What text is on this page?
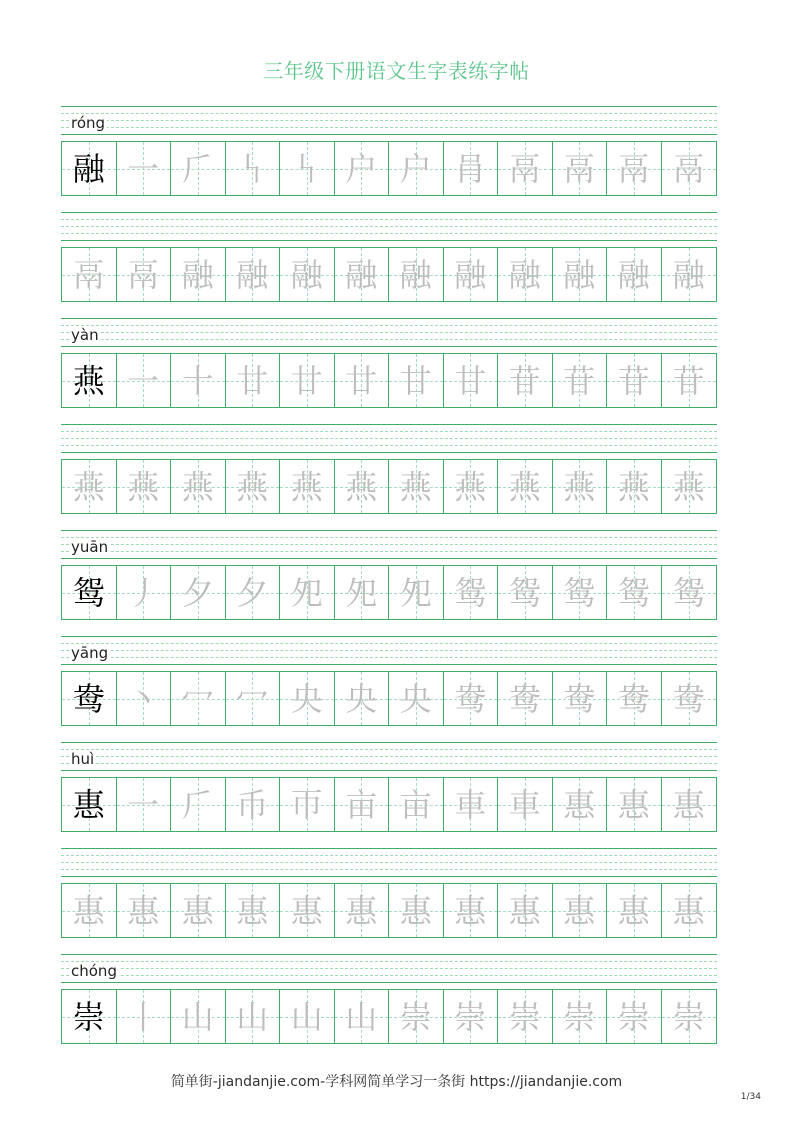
三年级下册语文生字表练字帖
róng
融 一 𠂆 𠃑 𠃑 户 户 肙 鬲 鬲 鬲 鬲
鬲 鬲 融 融 融 融 融 融 融 融 融 融
yàn
燕 一 十 廿 廿 廿 甘 甘 苷 苷 苷 苷
燕 燕 燕 燕 燕 燕 燕 燕 燕 燕 燕 燕
yuān
鸳 丿 夕 夕 夗 夗 夗 鸳 鸳 鸳 鸳 鸳
yāng
鸯 丶 冖 冖 央 央 央 鸯 鸯 鸯 鸯 鸯
huì
惠 一 𠂆 币 帀 亩 亩 車 車 惠 惠 惠
惠 惠 惠 惠 惠 惠 惠 惠 惠 惠 惠 惠
chóng
崇 丨 山 山 山 山 崇 崇 崇 崇 崇 崇
简单街-jiandanjie.com-学科网简单学习一条街 https://jiandanjie.com
1/34
